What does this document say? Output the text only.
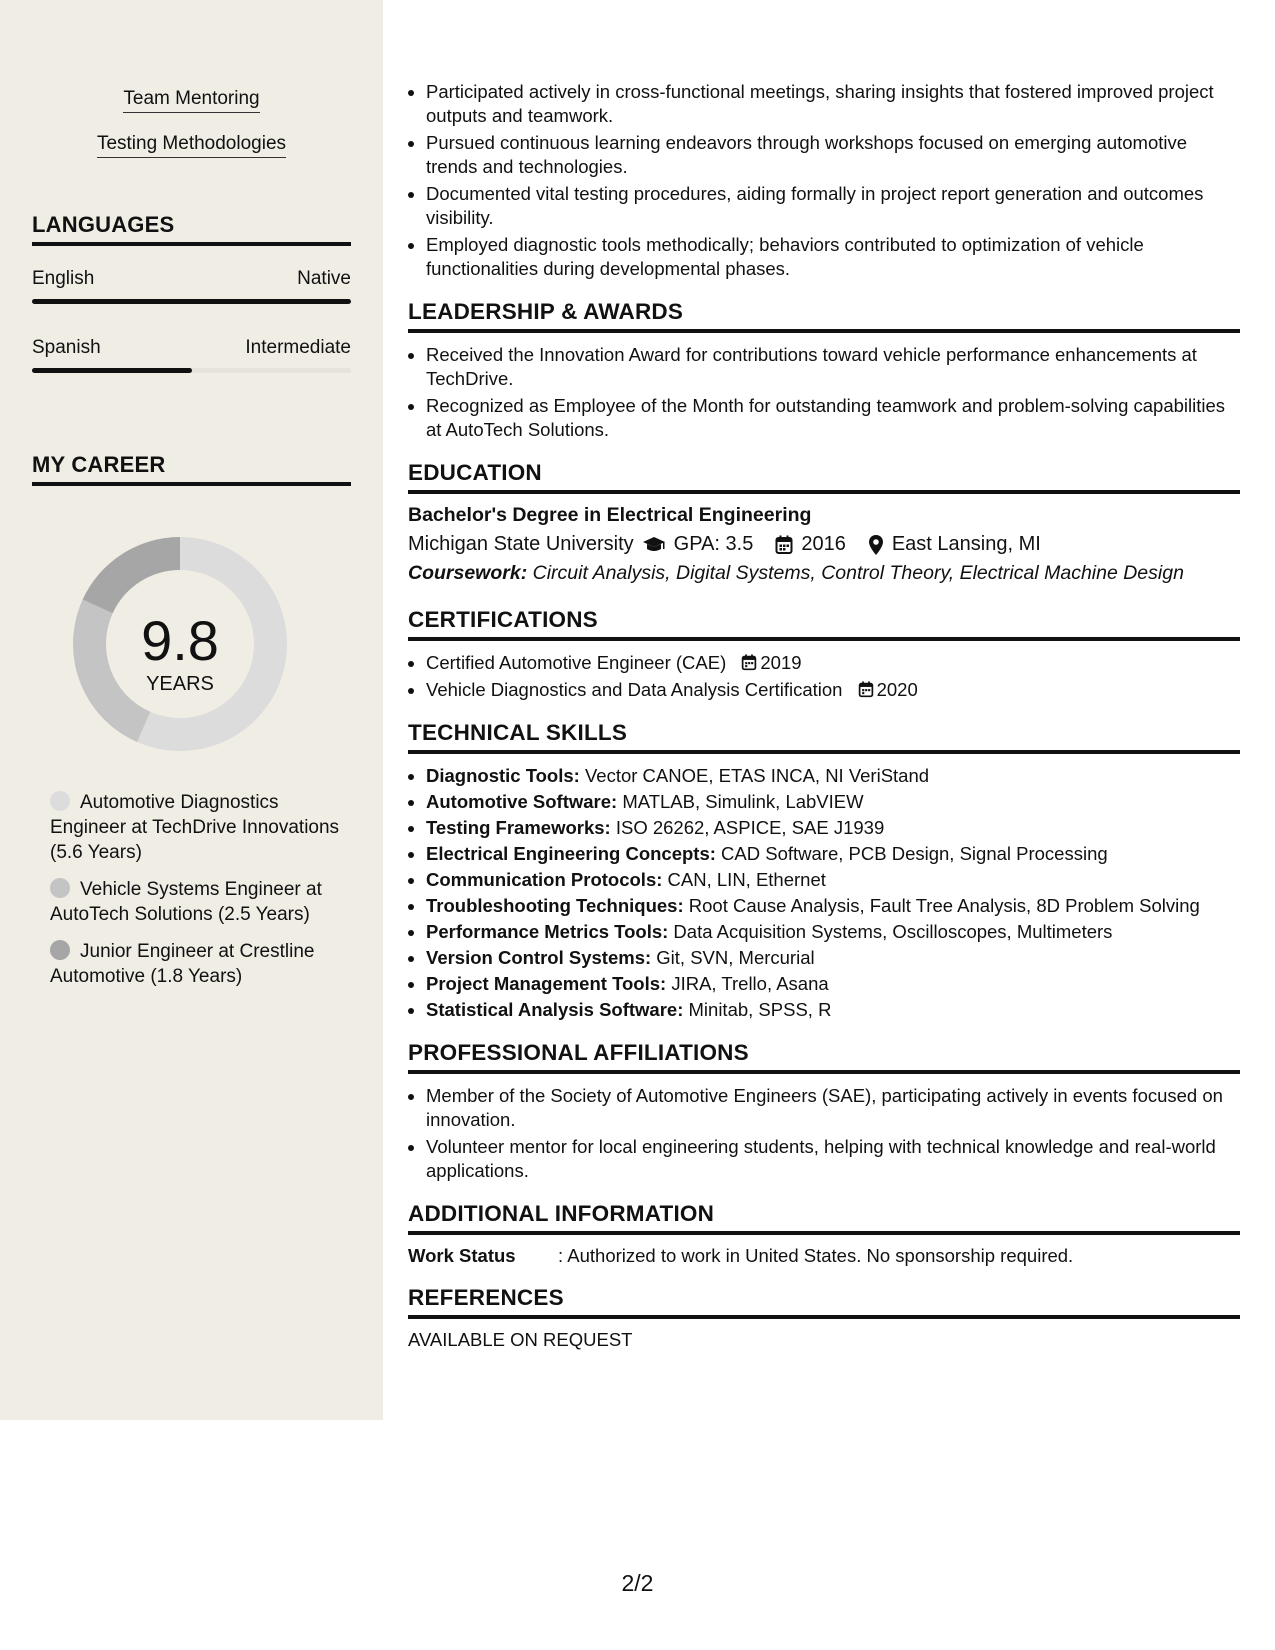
Team Mentoring
Testing Methodologies
LANGUAGES
English	Native
Spanish	Intermediate
MY CAREER
9.8
YEARS
Automotive Diagnostics Engineer at TechDrive Innovations (5.6 Years)
Vehicle Systems Engineer at AutoTech Solutions (2.5 Years)
Junior Engineer at Crestline Automotive (1.8 Years)
• Participated actively in cross-functional meetings, sharing insights that fostered improved project outputs and teamwork.
• Pursued continuous learning endeavors through workshops focused on emerging automotive trends and technologies.
• Documented vital testing procedures, aiding formally in project report generation and outcomes visibility.
• Employed diagnostic tools methodically; behaviors contributed to optimization of vehicle functionalities during developmental phases.
LEADERSHIP & AWARDS
• Received the Innovation Award for contributions toward vehicle performance enhancements at TechDrive.
• Recognized as Employee of the Month for outstanding teamwork and problem-solving capabilities at AutoTech Solutions.
EDUCATION
Bachelor's Degree in Electrical Engineering
Michigan State University GPA: 3.5 2016 East Lansing, MI
Coursework: Circuit Analysis, Digital Systems, Control Theory, Electrical Machine Design
CERTIFICATIONS
• Certified Automotive Engineer (CAE) 2019
• Vehicle Diagnostics and Data Analysis Certification 2020
TECHNICAL SKILLS
• Diagnostic Tools: Vector CANOE, ETAS INCA, NI VeriStand
• Automotive Software: MATLAB, Simulink, LabVIEW
• Testing Frameworks: ISO 26262, ASPICE, SAE J1939
• Electrical Engineering Concepts: CAD Software, PCB Design, Signal Processing
• Communication Protocols: CAN, LIN, Ethernet
• Troubleshooting Techniques: Root Cause Analysis, Fault Tree Analysis, 8D Problem Solving
• Performance Metrics Tools: Data Acquisition Systems, Oscilloscopes, Multimeters
• Version Control Systems: Git, SVN, Mercurial
• Project Management Tools: JIRA, Trello, Asana
• Statistical Analysis Software: Minitab, SPSS, R
PROFESSIONAL AFFILIATIONS
• Member of the Society of Automotive Engineers (SAE), participating actively in events focused on innovation.
• Volunteer mentor for local engineering students, helping with technical knowledge and real-world applications.
ADDITIONAL INFORMATION
Work Status	: Authorized to work in United States. No sponsorship required.
REFERENCES
AVAILABLE ON REQUEST
2/2
